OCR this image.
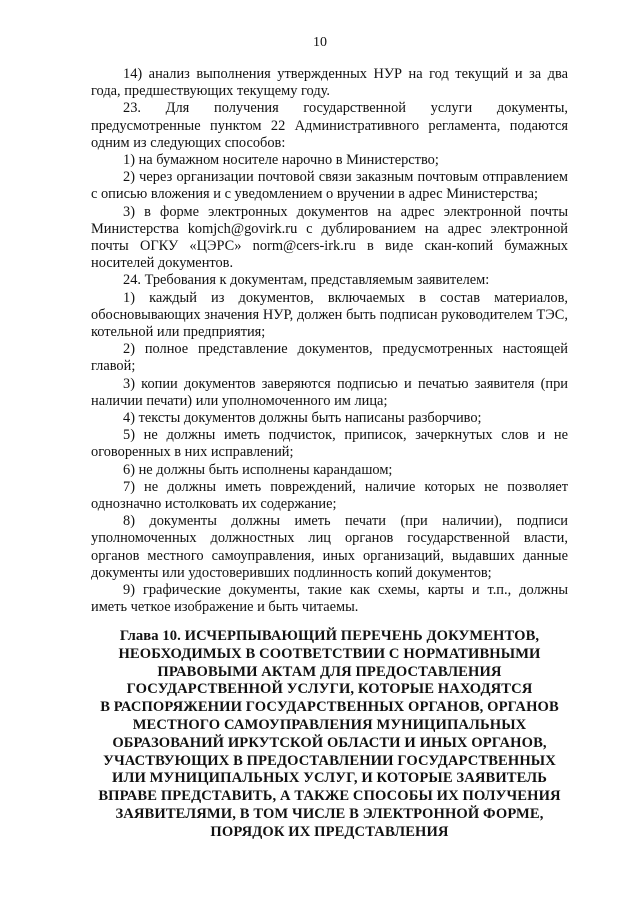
10

14) анализ выполнения утвержденных НУР на год текущий и за два года, предшествующих текущему году.

23. Для получения государственной услуги документы, предусмотренные пунктом 22 Административного регламента, подаются одним из следующих способов:

1) на бумажном носителе нарочно в Министерство;

2) через организации почтовой связи заказным почтовым отправлением с описью вложения и с уведомлением о вручении в адрес Министерства;

3) в форме электронных документов на адрес электронной почты Министерства komjch@govirk.ru с дублированием на адрес электронной почты ОГКУ «ЦЭРС» norm@cers-irk.ru в виде скан-копий бумажных носителей документов.

24. Требования к документам, представляемым заявителем:

1) каждый из документов, включаемых в состав материалов, обосновывающих значения НУР, должен быть подписан руководителем ТЭС, котельной или предприятия;

2) полное представление документов, предусмотренных настоящей главой;

3) копии документов заверяются подписью и печатью заявителя (при наличии печати) или уполномоченного им лица;

4) тексты документов должны быть написаны разборчиво;

5) не должны иметь подчисток, приписок, зачеркнутых слов и не оговоренных в них исправлений;

6) не должны быть исполнены карандашом;

7) не должны иметь повреждений, наличие которых не позволяет однозначно истолковать их содержание;

8) документы должны иметь печати (при наличии), подписи уполномоченных должностных лиц органов государственной власти, органов местного самоуправления, иных организаций, выдавших данные документы или удостоверивших подлинность копий документов;

9) графические документы, такие как схемы, карты и т.п., должны иметь четкое изображение и быть читаемы.

Глава 10. ИСЧЕРПЫВАЮЩИЙ ПЕРЕЧЕНЬ ДОКУМЕНТОВ,
НЕОБХОДИМЫХ В СООТВЕТСТВИИ С НОРМАТИВНЫМИ
ПРАВОВЫМИ АКТАМ ДЛЯ ПРЕДОСТАВЛЕНИЯ
ГОСУДАРСТВЕННОЙ УСЛУГИ, КОТОРЫЕ НАХОДЯТСЯ
В РАСПОРЯЖЕНИИ ГОСУДАРСТВЕННЫХ ОРГАНОВ, ОРГАНОВ
МЕСТНОГО САМОУПРАВЛЕНИЯ МУНИЦИПАЛЬНЫХ
ОБРАЗОВАНИЙ ИРКУТСКОЙ ОБЛАСТИ И ИНЫХ ОРГАНОВ,
УЧАСТВУЮЩИХ В ПРЕДОСТАВЛЕНИИ ГОСУДАРСТВЕННЫХ
ИЛИ МУНИЦИПАЛЬНЫХ УСЛУГ, И КОТОРЫЕ ЗАЯВИТЕЛЬ
ВПРАВЕ ПРЕДСТАВИТЬ, А ТАКЖЕ СПОСОБЫ ИХ ПОЛУЧЕНИЯ
ЗАЯВИТЕЛЯМИ, В ТОМ ЧИСЛЕ В ЭЛЕКТРОННОЙ ФОРМЕ,
ПОРЯДОК ИХ ПРЕДСТАВЛЕНИЯ
